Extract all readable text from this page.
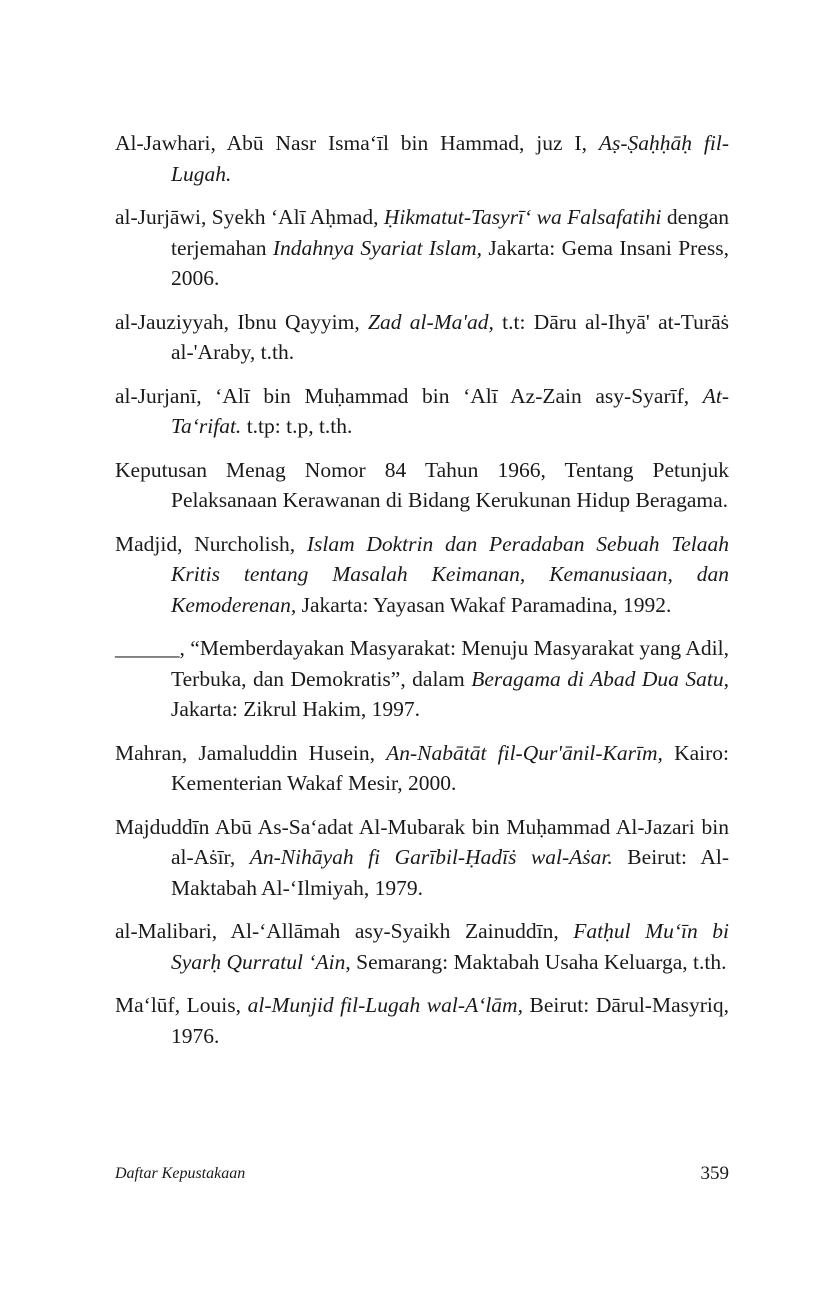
Al-Jawhari, Abū Nasr Isma‘īl bin Hammad, juz I, Aṣ-Ṣaḥḥāḥ fil-Lugah.

al-Jurjāwi, Syekh ‘Alī Aḥmad, Ḥikmatut-Tasyrī‘ wa Falsafatihi dengan terjemahan Indahnya Syariat Islam, Jakarta: Gema Insani Press, 2006.

al-Jauziyyah, Ibnu Qayyim, Zad al-Ma'ad, t.t: Dāru al-Ihyā' at-Turāṡ al-'Araby, t.th.

al-Jurjanī, ‘Alī bin Muḥammad bin ‘Alī Az-Zain asy-Syarīf, At-Ta‘rifat. t.tp: t.p, t.th.

Keputusan Menag Nomor 84 Tahun 1966, Tentang Petunjuk Pelaksanaan Kerawanan di Bidang Kerukunan Hidup Beragama.

Madjid, Nurcholish, Islam Doktrin dan Peradaban Sebuah Telaah Kritis tentang Masalah Keimanan, Kemanusiaan, dan Kemoderenan, Jakarta: Yayasan Wakaf Paramadina, 1992.

______, “Memberdayakan Masyarakat: Menuju Masyarakat yang Adil, Terbuka, dan Demokratis”, dalam Beragama di Abad Dua Satu, Jakarta: Zikrul Hakim, 1997.

Mahran, Jamaluddin Husein, An-Nabātāt fil-Qur'ānil-Karīm, Kairo: Kementerian Wakaf Mesir, 2000.

Majduddīn Abū As-Sa‘adat Al-Mubarak bin Muḥammad Al-Jazari bin al-Aṡīr, An-Nihāyah fi Garībil-Ḥadīṡ wal-Aṡar. Beirut: Al-Maktabah Al-‘Ilmiyah, 1979.

al-Malibari, Al-‘Allāmah asy-Syaikh Zainuddīn, Fatḥul Mu‘īn bi Syarḥ Qurratul ‘Ain, Semarang: Maktabah Usaha Keluarga, t.th.

Ma‘lūf, Louis, al-Munjid fil-Lugah wal-A‘lām, Beirut: Dārul-Masyriq, 1976.

Daftar Kepustakaan	359
